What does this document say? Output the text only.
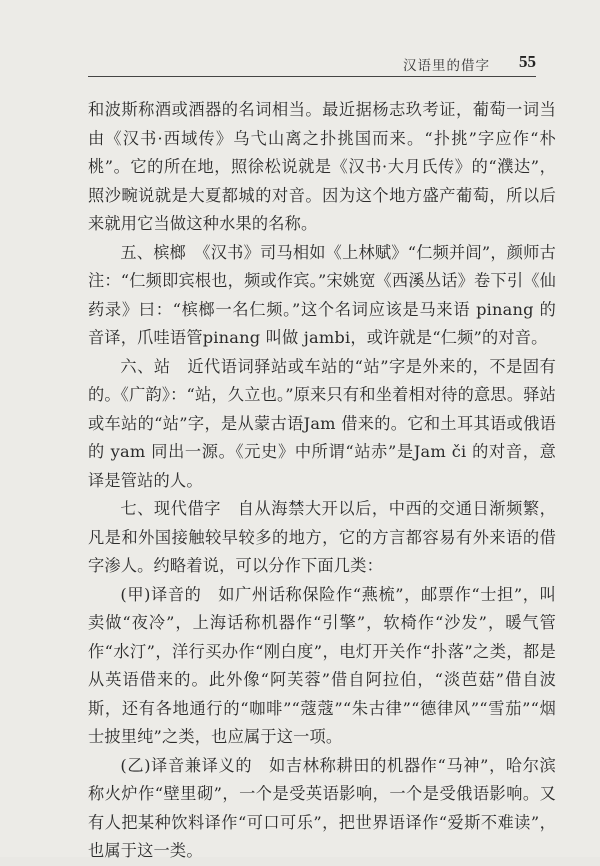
汉语里的借字 55

和波斯称酒或酒器的名词相当。最近据杨志玖考证，葡萄一词当由《汉书·西域传》乌弋山离之扑挑国而来。“扑挑”字应作“朴桃”。它的所在地，照徐松说就是《汉书·大月氏传》的“濮达”，照沙畹说就是大夏都城的对音。因为这个地方盛产葡萄，所以后来就用它当做这种水果的名称。

五、槟榔　《汉书》司马相如《上林赋》“仁频并闾”，颜师古注：“仁频即宾根也，频或作宾。”宋姚宽《西溪丛话》卷下引《仙药录》曰：“槟榔一名仁频。”这个名词应该是马来语 pinang 的音译，爪哇语管pinang 叫做 jambi，或许就是“仁频”的对音。

六、站　近代语词驿站或车站的“站”字是外来的，不是固有的。《广韵》：“站，久立也。”原来只有和坐着相对待的意思。驿站或车站的“站”字，是从蒙古语Jam 借来的。它和土耳其语或俄语的 yam 同出一源。《元史》中所谓“站赤”是Jam či 的对音，意译是管站的人。

七、现代借字　自从海禁大开以后，中西的交通日渐频繁，凡是和外国接触较早较多的地方，它的方言都容易有外来语的借字渗人。约略着说，可以分作下面几类：

(甲)译音的　如广州话称保险作“燕梳”，邮票作“士担”，叫卖做“夜冷”，上海话称机器作“引擎”，软椅作“沙发”，暖气管作“水汀”，洋行买办作“刚白度”，电灯开关作“扑落”之类，都是从英语借来的。此外像“阿芙蓉”借自阿拉伯，“淡芭菇”借自波斯，还有各地通行的“咖啡”“蔻蔻”“朱古律”“德律风”“雪茄”“烟士披里纯”之类，也应属于这一项。

(乙)译音兼译义的　如吉林称耕田的机器作“马神”，哈尔滨称火炉作“壁里砌”，一个是受英语影响，一个是受俄语影响。又有人把某种饮料译作“可口可乐”，把世界语译作“爱斯不难读”，也属于这一类。
